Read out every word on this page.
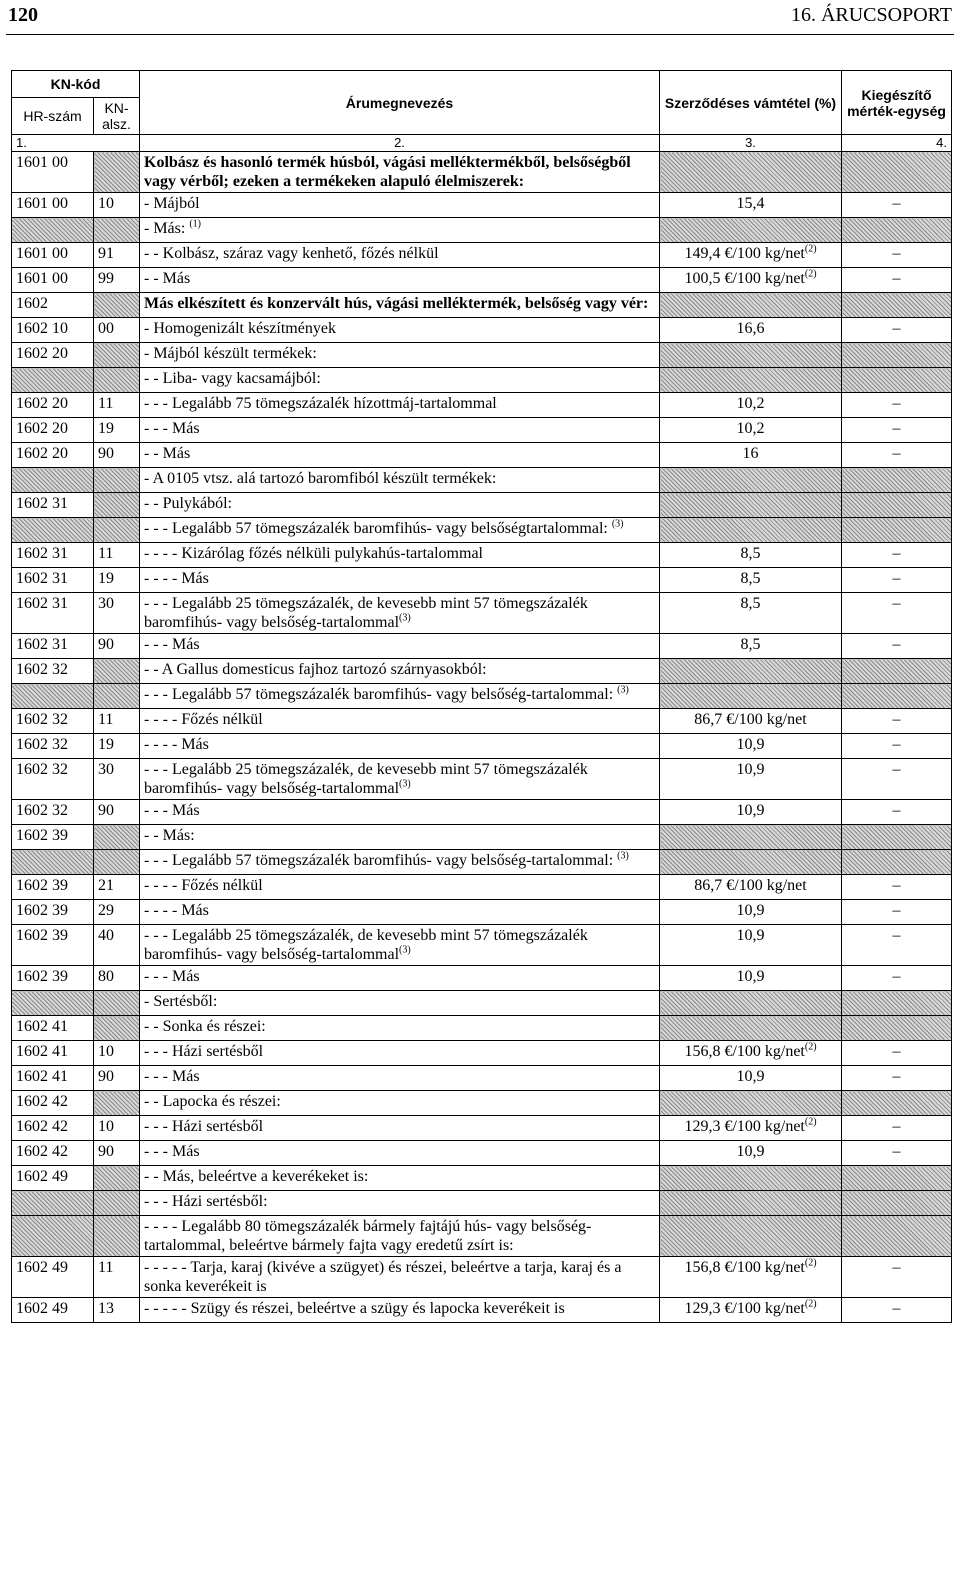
120	16. ÁRUCSOPORT
KN-kód		Árumegnevezés	Szerződéses vámtétel (%)	Kiegészítő mérték-egység
HR-szám	KN-alsz.			
1.		2.	3.	4.
1601 00		Kolbász és hasonló termék húsból, vágási melléktermékből, belsőségből vagy vérből; ezeken a termékeken alapuló élelmiszerek:		
1601 00	10	- Májból	15,4	–
		- Más: $^{(1)}$		
1601 00	91	- - Kolbász, száraz vagy kenhető, főzés nélkül	149,4 €/100 kg/net$^{(2)}$	–
1601 00	99	- - Más	100,5 €/100 kg/net$^{(2)}$	–
1602		Más elkészített és konzervált hús, vágási melléktermék, belsőség vagy vér:		
1602 10	00	- Homogenizált készítmények	16,6	–
1602 20		- Májból készült termékek:		
		- - Liba- vagy kacsamájból:		
1602 20	11	- - - Legalább 75 tömegszázalék hízottmáj-tartalommal	10,2	–
1602 20	19	- - - Más	10,2	–
1602 20	90	- - Más	16	–
		- A 0105 vtsz. alá tartozó baromfiból készült termékek:		
1602 31		- - Pulykából:		
		- - - Legalább 57 tömegszázalék baromfihús- vagy belsőségtartalommal: $^{(3)}$		
1602 31	11	- - - - Kizárólag főzés nélküli pulykahús-tartalommal	8,5	–
1602 31	19	- - - - Más	8,5	–
1602 31	30	- - - Legalább 25 tömegszázalék, de kevesebb mint 57 tömegszázalék baromfihús- vagy belsőség-tartalommal$^{(3)}$	8,5	–
1602 31	90	- - - Más	8,5	–
1602 32		- - A Gallus domesticus fajhoz tartozó szárnyasokból:		
		- - - Legalább 57 tömegszázalék baromfihús- vagy belsőség-tartalommal: $^{(3)}$		
1602 32	11	- - - - Főzés nélkül	86,7 €/100 kg/net	–
1602 32	19	- - - - Más	10,9	–
1602 32	30	- - - Legalább 25 tömegszázalék, de kevesebb mint 57 tömegszázalék baromfihús- vagy belsőség-tartalommal$^{(3)}$	10,9	–
1602 32	90	- - - Más	10,9	–
1602 39		- - Más:		
		- - - Legalább 57 tömegszázalék baromfihús- vagy belsőség-tartalommal: $^{(3)}$		
1602 39	21	- - - - Főzés nélkül	86,7 €/100 kg/net	–
1602 39	29	- - - - Más	10,9	–
1602 39	40	- - - Legalább 25 tömegszázalék, de kevesebb mint 57 tömegszázalék baromfihús- vagy belsőség-tartalommal$^{(3)}$	10,9	–
1602 39	80	- - - Más	10,9	–
		- Sertésből:		
1602 41		- - Sonka és részei:		
1602 41	10	- - - Házi sertésből	156,8 €/100 kg/net$^{(2)}$	–
1602 41	90	- - - Más	10,9	–
1602 42		- - Lapocka és részei:		
1602 42	10	- - - Házi sertésből	129,3 €/100 kg/net$^{(2)}$	–
1602 42	90	- - - Más	10,9	–
1602 49		- - Más, beleértve a keverékeket is:		
		- - - Házi sertésből:		
		- - - - Legalább 80 tömegszázalék bármely fajtájú hús- vagy belsőség-tartalommal, beleértve bármely fajta vagy eredetű zsírt is:		
1602 49	11	- - - - - Tarja, karaj (kivéve a szügyet) és részei, beleértve a tarja, karaj és a sonka keverékeit is	156,8 €/100 kg/net$^{(2)}$	–
1602 49	13	- - - - - Szügy és részei, beleértve a szügy és lapocka keverékeit is	129,3 €/100 kg/net$^{(2)}$	–
